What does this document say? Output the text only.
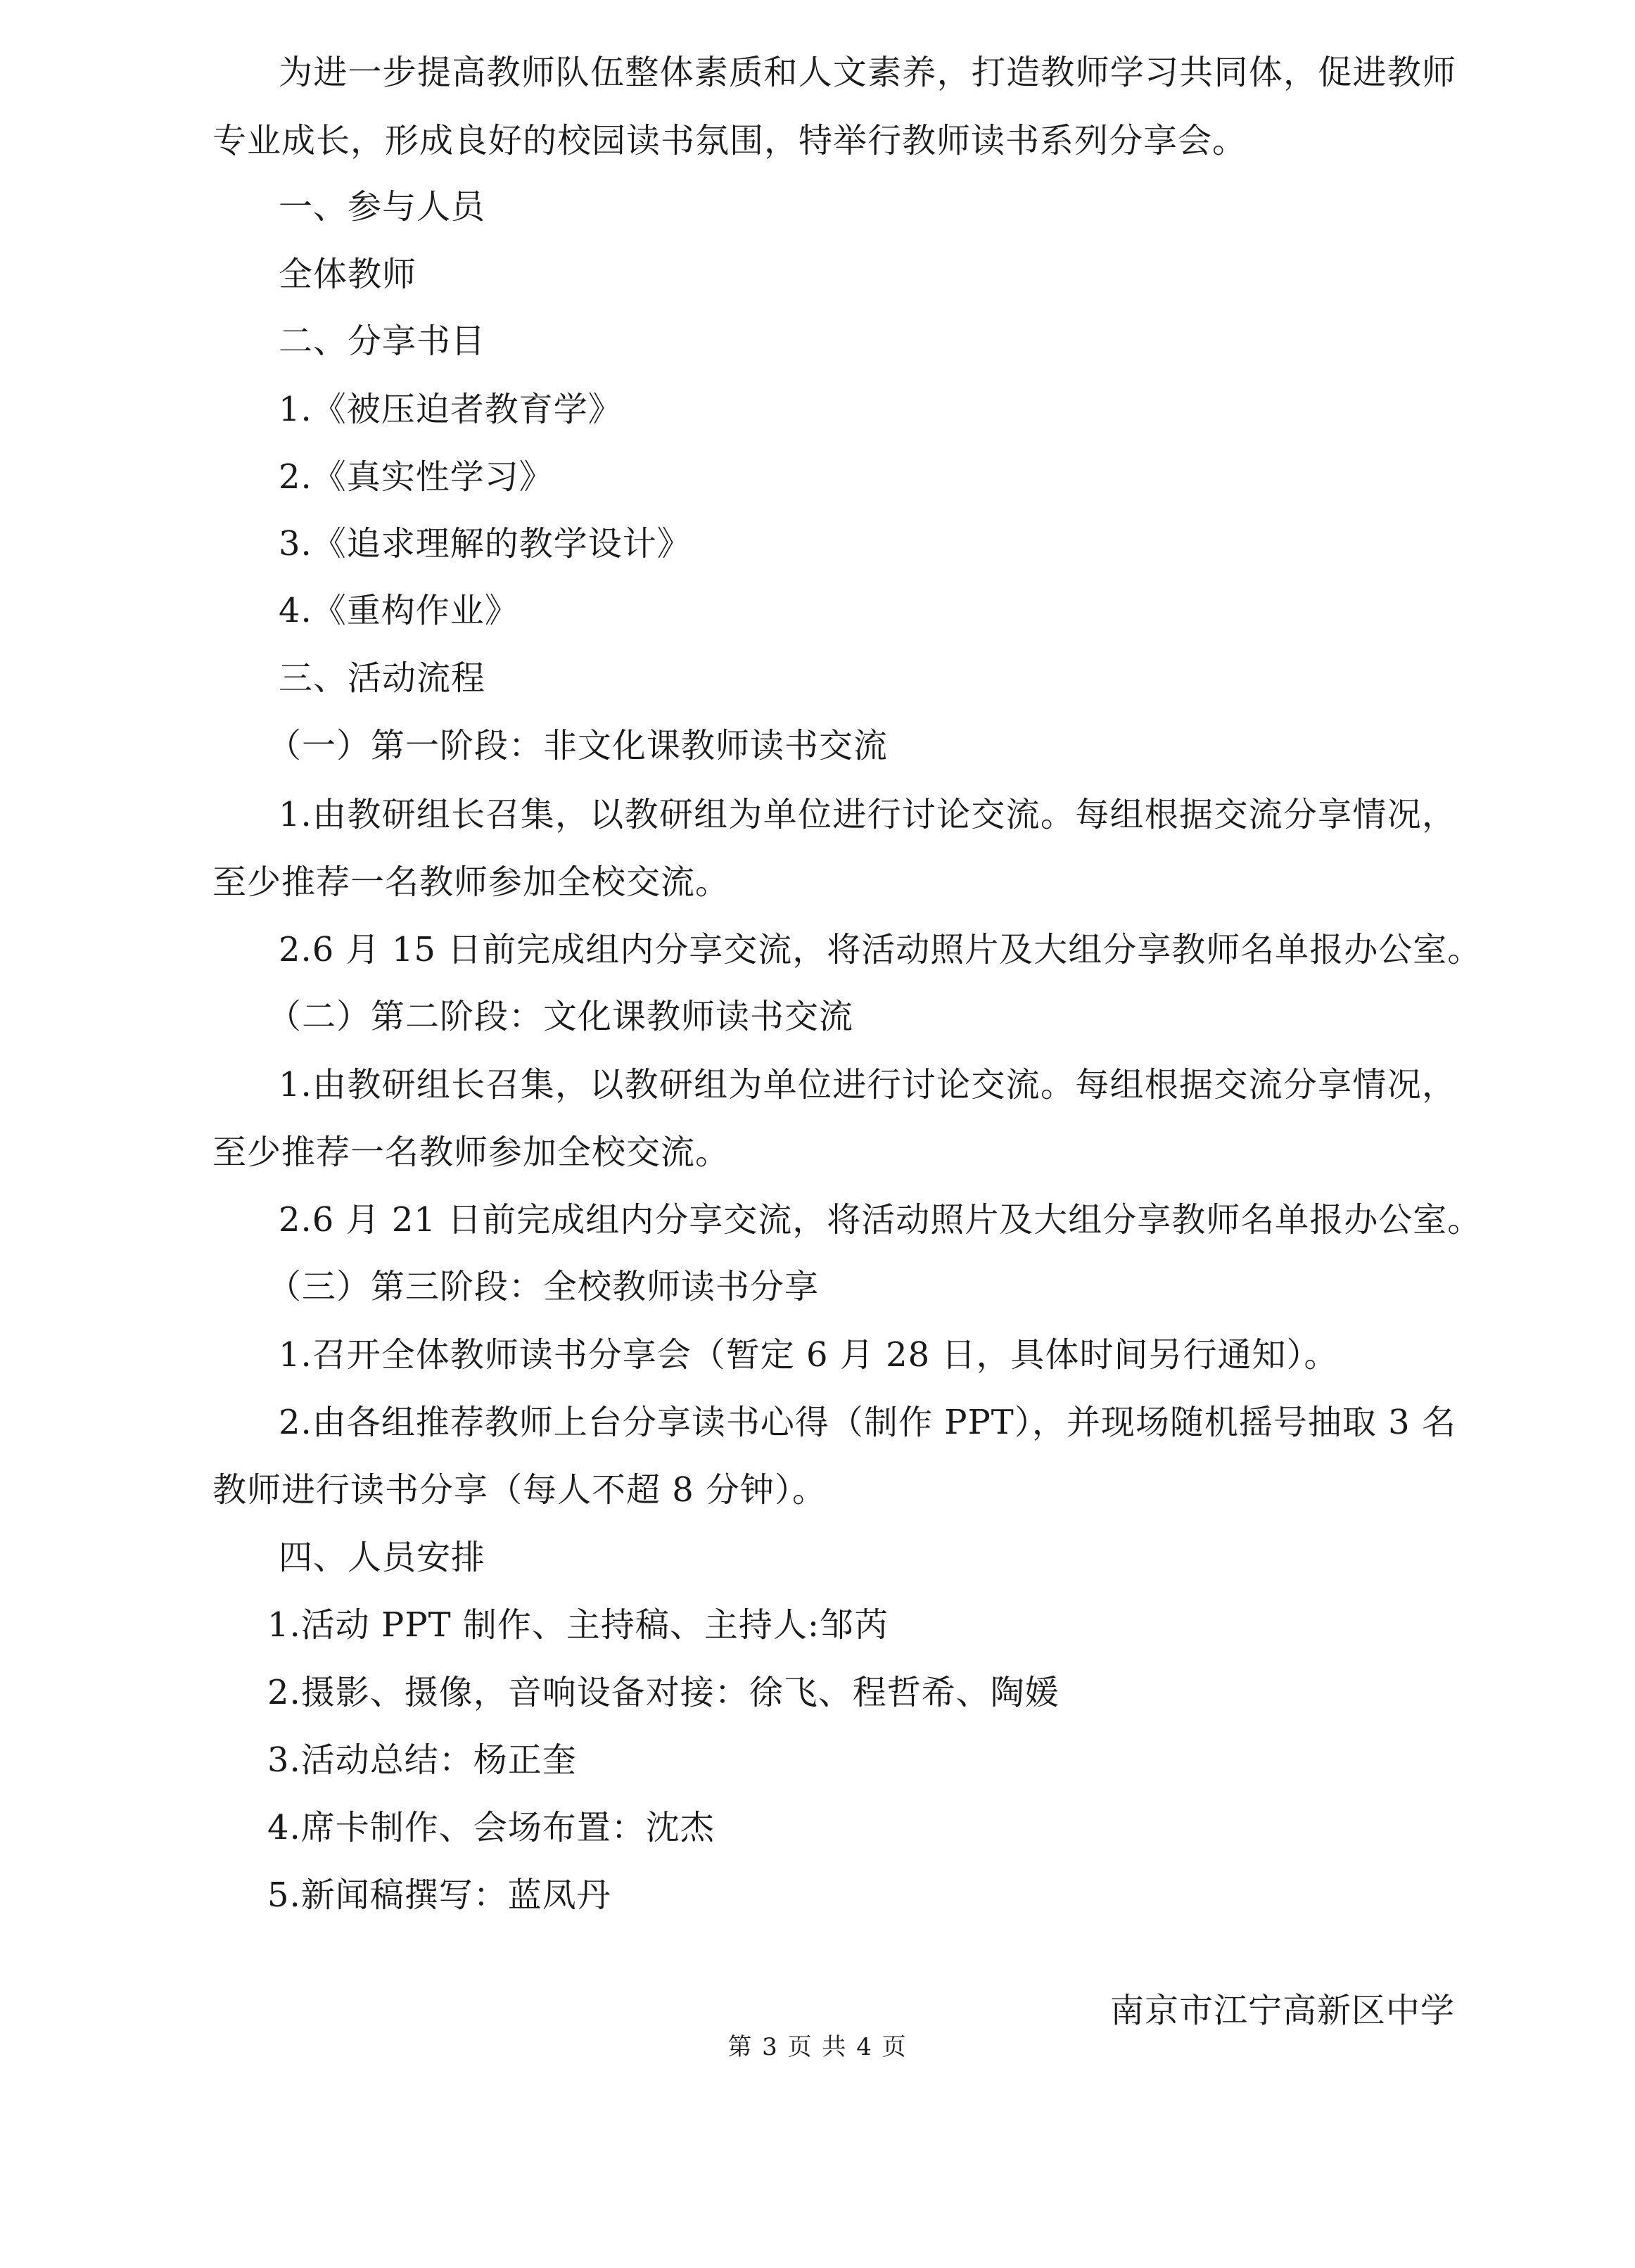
为进一步提高教师队伍整体素质和人文素养，打造教师学习共同体，促进教师
专业成长，形成良好的校园读书氛围，特举行教师读书系列分享会。
一、参与人员
全体教师
二、分享书目
1.《被压迫者教育学》
2.《真实性学习》
3.《追求理解的教学设计》
4.《重构作业》
三、活动流程
（一）第一阶段：非文化课教师读书交流
1.由教研组长召集，以教研组为单位进行讨论交流。每组根据交流分享情况，
至少推荐一名教师参加全校交流。
2.6 月 15 日前完成组内分享交流，将活动照片及大组分享教师名单报办公室。
（二）第二阶段：文化课教师读书交流
1.由教研组长召集，以教研组为单位进行讨论交流。每组根据交流分享情况，
至少推荐一名教师参加全校交流。
2.6 月 21 日前完成组内分享交流，将活动照片及大组分享教师名单报办公室。
（三）第三阶段：全校教师读书分享
1.召开全体教师读书分享会（暂定 6 月 28 日，具体时间另行通知）。
2.由各组推荐教师上台分享读书心得（制作 PPT），并现场随机摇号抽取 3 名
教师进行读书分享（每人不超 8 分钟）。
四、人员安排
1.活动 PPT 制作、主持稿、主持人:邹芮
2.摄影、摄像，音响设备对接：徐飞、程哲希、陶媛
3.活动总结：杨正奎
4.席卡制作、会场布置：沈杰
5.新闻稿撰写：蓝凤丹
南京市江宁高新区中学
第 3 页 共 4 页
